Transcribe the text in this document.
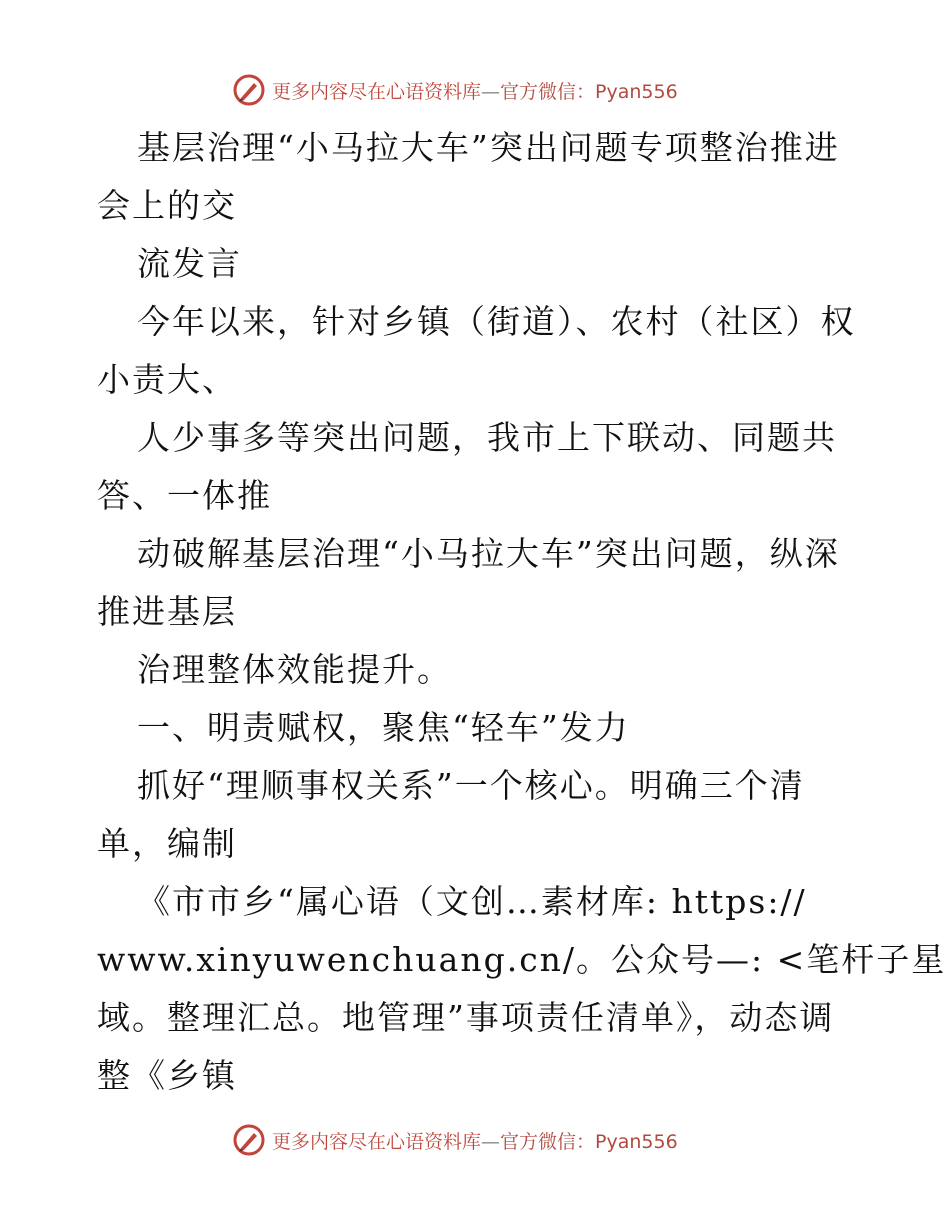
更多内容尽在心语资料库—官方微信：Pyan556
基层治理“小马拉大车”突出问题专项整治推进
会上的交
流发言
今年以来，针对乡镇（街道）、农村（社区）权
小责大、
人少事多等突出问题，我市上下联动、同题共
答、一体推
动破解基层治理“小马拉大车”突出问题，纵深
推进基层
治理整体效能提升。
一、明责赋权，聚焦“轻车”发力
抓好“理顺事权关系”一个核心。明确三个清
单，编制
《市市乡“属心语（文创…素材库: https://
www.xinyuwenchuang.cn/。公众号—: <笔杆子星
域。整理汇总。地管理”事项责任清单》，动态调
整《乡镇
更多内容尽在心语资料库—官方微信：Pyan556
